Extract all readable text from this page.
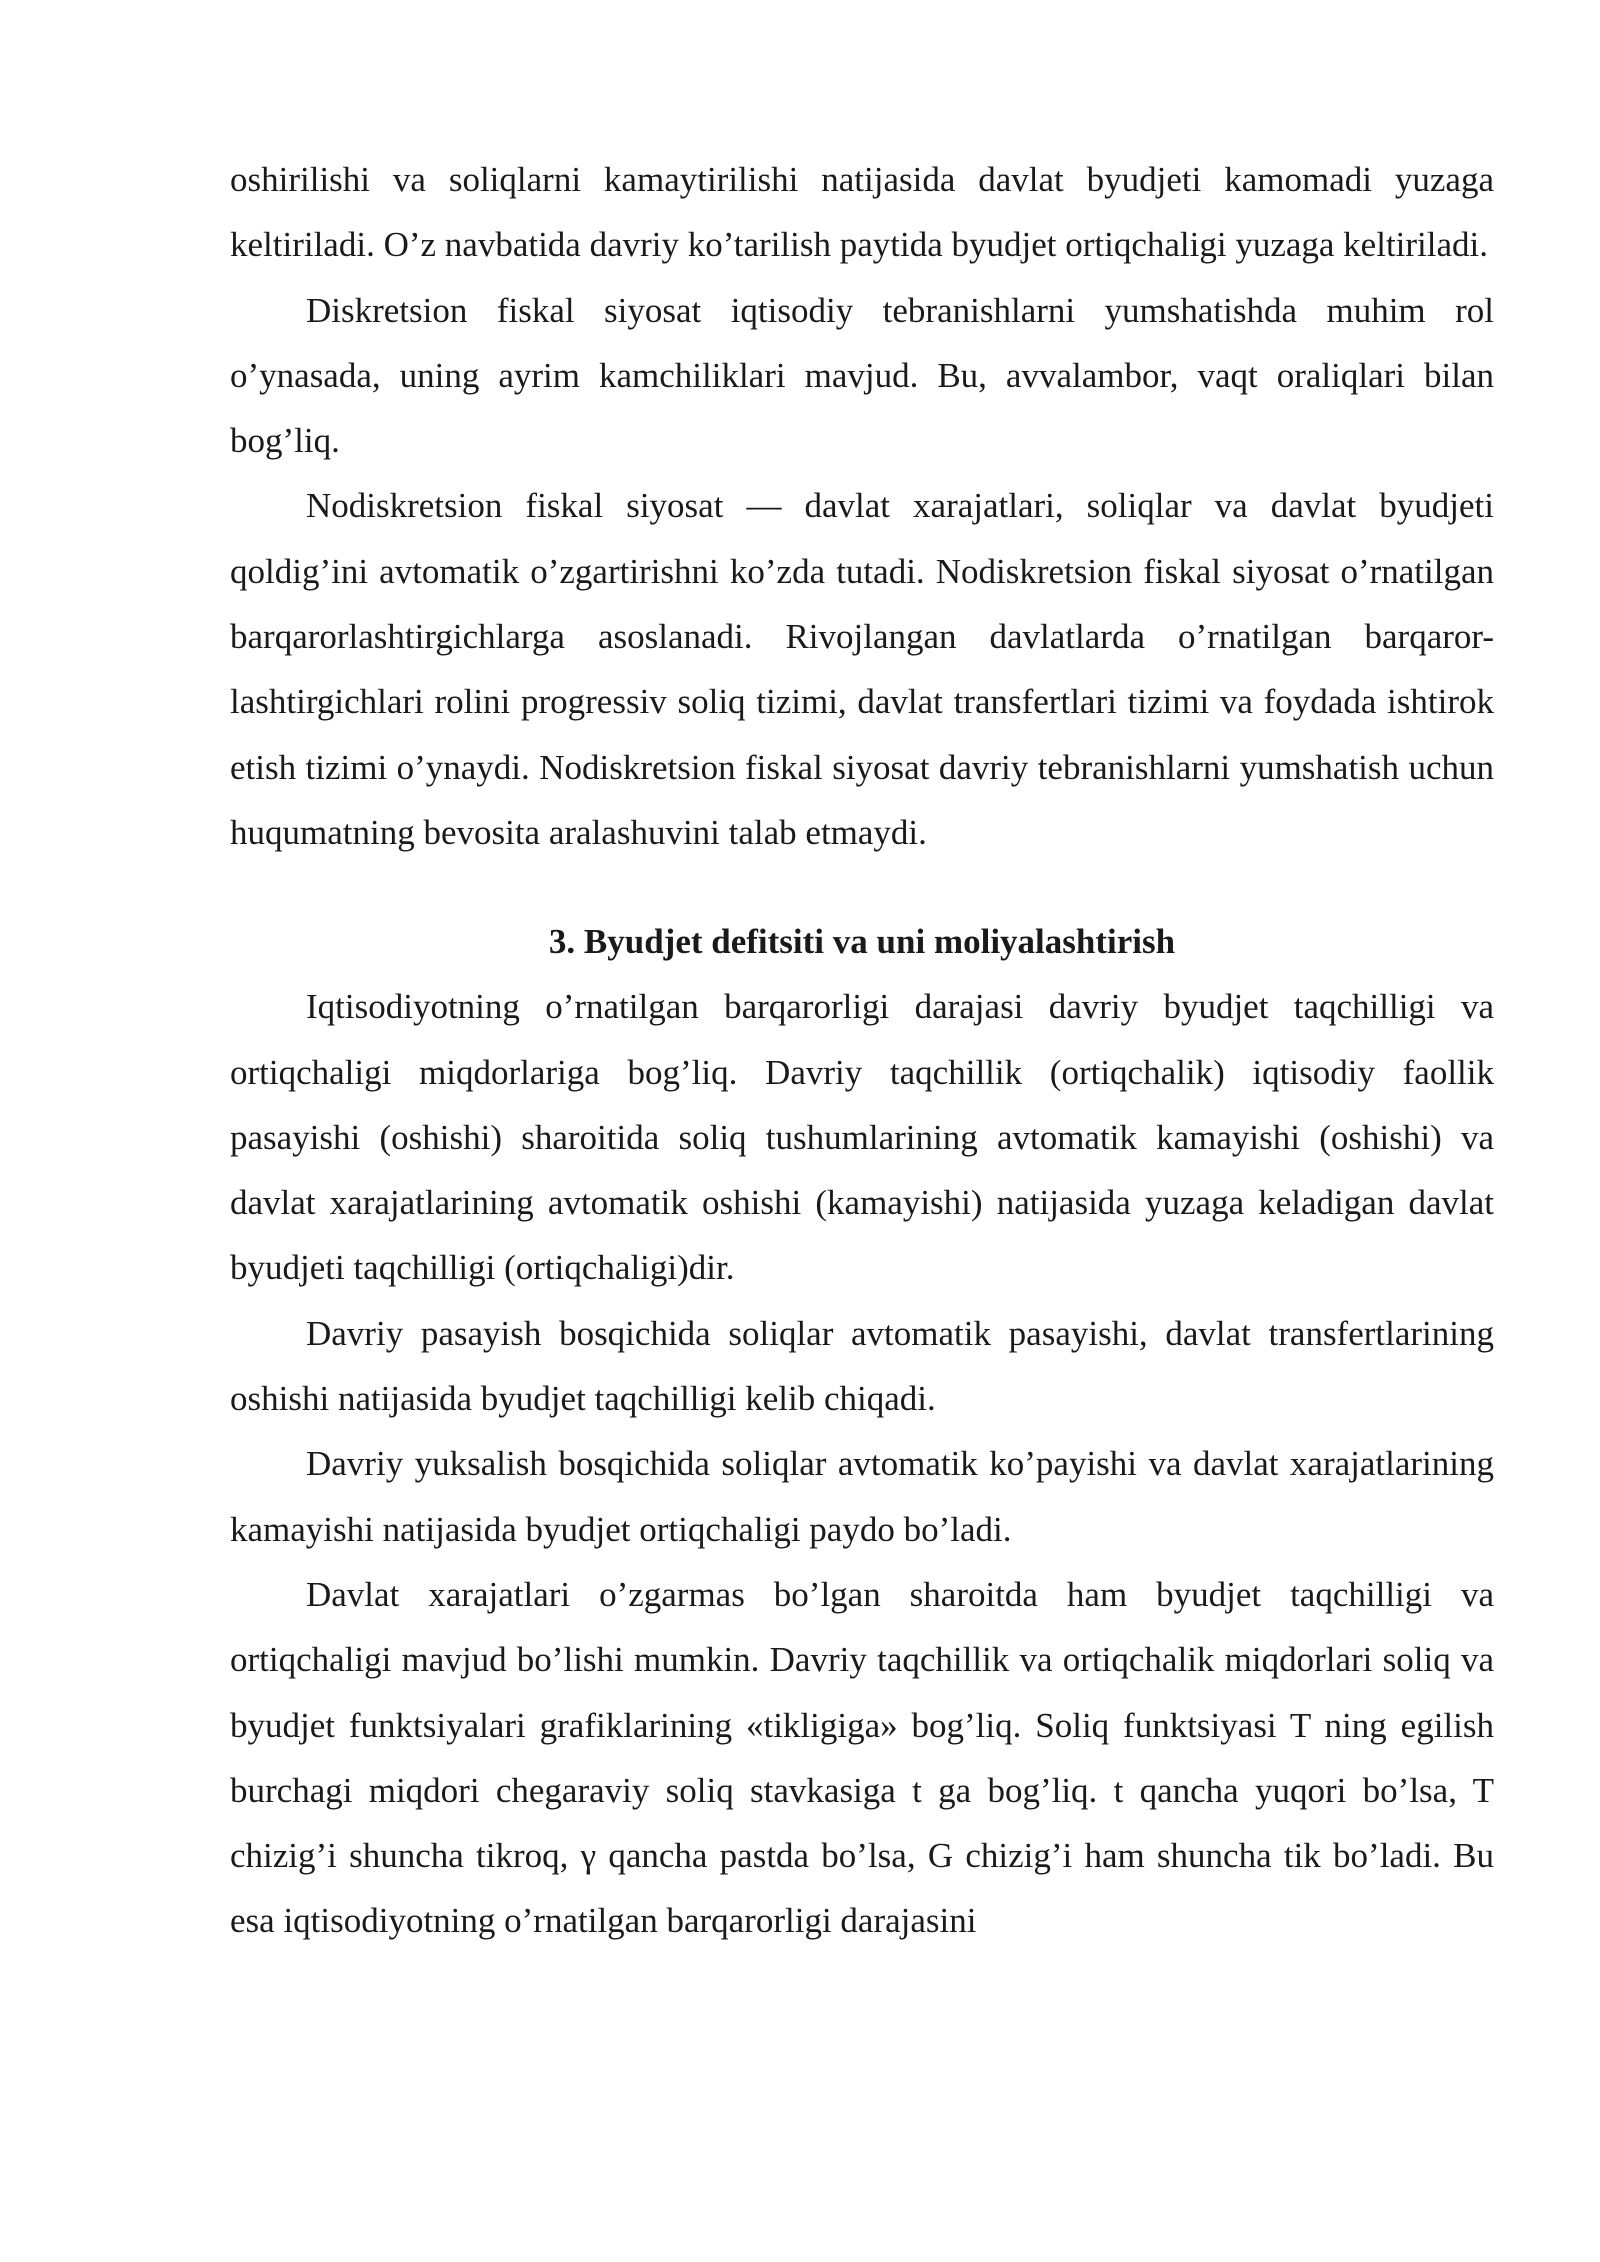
oshirilishi va soliqlarni kamaytirilishi natijasida davlat byudjeti kamomadi yuzaga keltiriladi. O’z navbatida davriy ko’tarilish paytida byudjet ortiqchaligi yuzaga keltiriladi.

Diskretsion fiskal siyosat iqtisodiy tebranishlarni yumshatishda muhim rol o’ynasada, uning ayrim kamchiliklari mavjud. Bu, avvalambor, vaqt oraliqlari bilan bog’liq.

Nodiskretsion fiskal siyosat — davlat xarajatlari, soliqlar va davlat byudjeti qoldig’ini avtomatik o’zgartirishni ko’zda tutadi. Nodiskretsion fiskal siyosat o’rnatilgan barqarorlashtirgichlarga asoslanadi. Rivojlangan davlatlarda o’rnatilgan barqaror-lashtirgichlari rolini progressiv soliq tizimi, davlat transfertlari tizimi va foydada ishtirok etish tizimi o’ynaydi. Nodiskretsion fiskal siyosat davriy tebranishlarni yumshatish uchun huqumatning bevosita aralashuvini talab etmaydi.

3. Byudjet defitsiti va uni moliyalashtirish

Iqtisodiyotning o’rnatilgan barqarorligi darajasi davriy byudjet taqchilligi va ortiqchaligi miqdorlariga bog’liq. Davriy taqchillik (ortiqchalik) iqtisodiy faollik pasayishi (oshishi) sharoitida soliq tushumlarining avtomatik kamayishi (oshishi) va davlat xarajatlarining avtomatik oshishi (kamayishi) natijasida yuzaga keladigan davlat byudjeti taqchilligi (ortiqchaligi)dir.

Davriy pasayish bosqichida soliqlar avtomatik pasayishi, davlat transfertlarining oshishi natijasida byudjet taqchilligi kelib chiqadi.

Davriy yuksalish bosqichida soliqlar avtomatik ko’payishi va davlat xarajatlarining kamayishi natijasida byudjet ortiqchaligi paydo bo’ladi.

Davlat xarajatlari o’zgarmas bo’lgan sharoitda ham byudjet taqchilligi va ortiqchaligi mavjud bo’lishi mumkin. Davriy taqchillik va ortiqchalik miqdorlari soliq va byudjet funktsiyalari grafiklarining «tikligiga» bog’liq. Soliq funktsiyasi T ning egilish burchagi miqdori chegaraviy soliq stavkasiga t ga bog’liq. t qancha yuqori bo’lsa, T chizig’i shuncha tikroq, γ qancha pastda bo’lsa, G chizig’i ham shuncha tik bo’ladi. Bu esa iqtisodiyotning o’rnatilgan barqarorligi darajasini
